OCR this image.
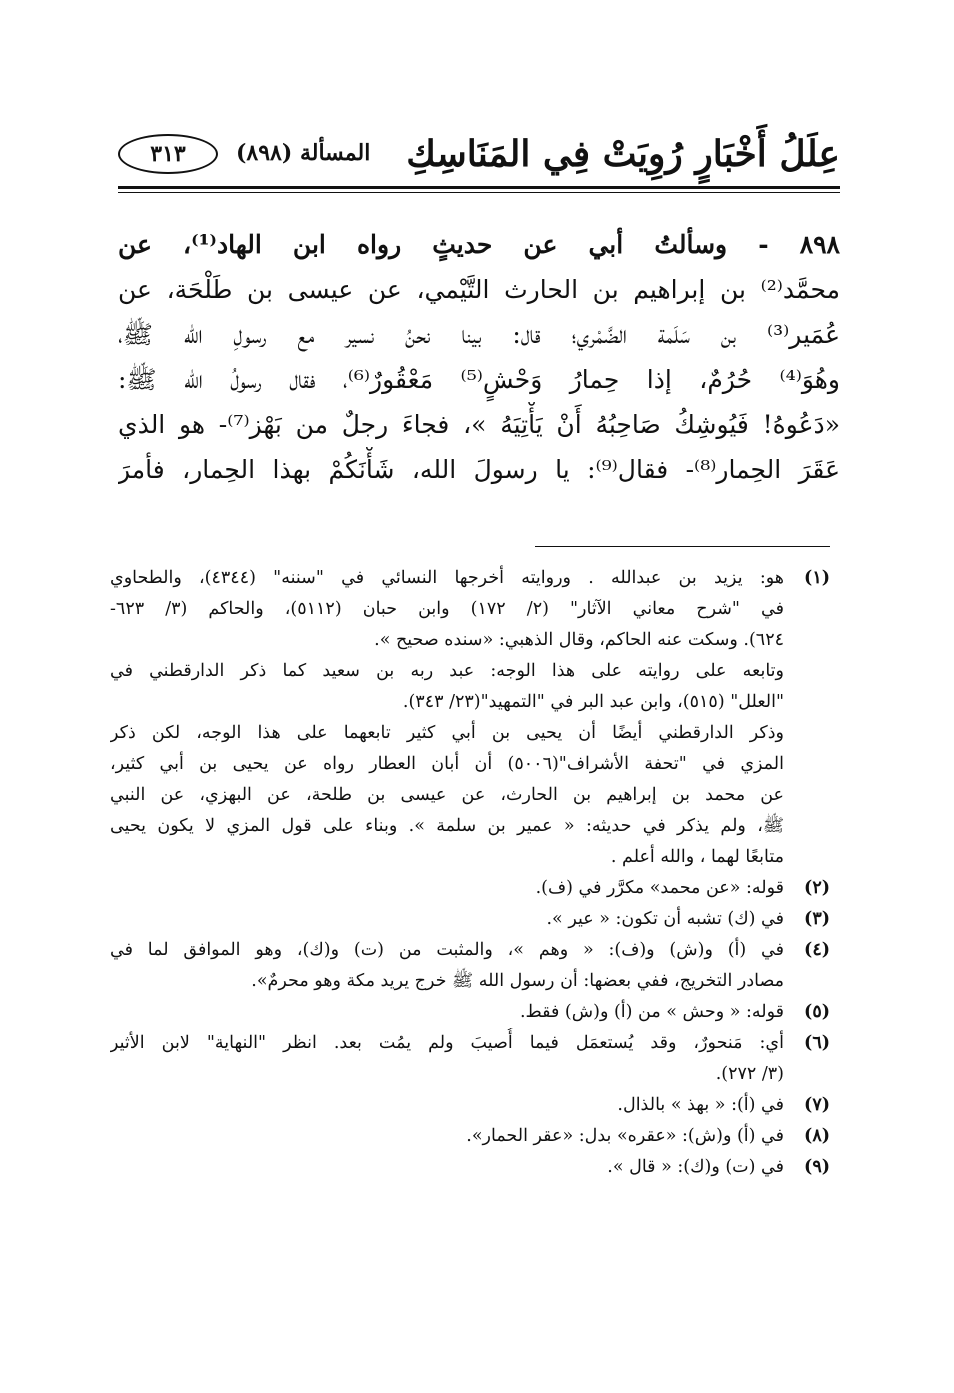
عِلَلُ أَخْبَارٍ رُوِيَتْ فِي المَنَاسِكِ
المسألة (٨٩٨)
٣١٣

٨٩٨ - وسألتُ أبي عن حديثٍ رواه ابن الهاد⁽¹⁾، عن
محمَّد⁽²⁾ بن إبراهيم بن الحارث التَّيْمي، عن عيسى بن طَلْحَة، عن
عُمَير⁽³⁾ بن سَلَمة الضَّمْري؛ قال: بينا نحنُ نسير مع رسولِ الله ﷺ،
وهُوَ⁽⁴⁾ حُرُمٌ، إذا حِمارُ وَحْشٍ⁽⁵⁾ مَعْقُورٌ⁽⁶⁾، فقال رسولُ الله ﷺ:
«دَعُوهُ! فَيُوشِكُ صَاحِبُهُ أَنْ يَأْتِيَهُ »، فجاءَ رجلٌ من بَهْز⁽⁷⁾- هو الذي
عَقَرَ الحِمار⁽⁸⁾- فقال⁽⁹⁾: يا رسولَ الله، شَأْنَكُمْ بهذا الحِمار، فأمرَ

(١)
هو: يزيد بن عبدالله . وروايته أخرجها النسائي في "سننه" (٤٣٤٤)، والطحاوي
في "شرح معاني الآثار" (٢/ ١٧٢) وابن حبان (٥١١٢)، والحاكم (٣/ ٦٢٣-
٦٢٤). وسكت عنه الحاكم، وقال الذهبي: «سنده صحيح ».
وتابعه على روايته على هذا الوجه: عبد ربه بن سعيد كما ذكر الدارقطني في
"العلل" (٥١٥)، وابن عبد البر في "التمهيد"(٢٣/ ٣٤٣).
وذكر الدارقطني أيضًا أن يحيى بن أبي كثير تابعهما على هذا الوجه، لكن ذكر
المزي في "تحفة الأشراف"(٥٠٠٦) أن أبان العطار رواه عن يحيى بن أبي كثير،
عن محمد بن إبراهيم بن الحارث، عن عيسى بن طلحة، عن البهزي، عن النبي
ﷺ، ولم يذكر في حديثه: « عمير بن سلمة ». وبناء على قول المزي لا يكون يحيى
متابعًا لهما ، والله أعلم .
(٢)
قوله: «عن محمد» مكرَّر في (ف).
(٣)
في (ك) تشبه أن تكون: « عير ».
(٤)
في (أ) و(ش) و(ف): « وهم »، والمثبت من (ت) و(ك)، وهو الموافق لما في
مصادر التخريج، ففي بعضها: أن رسول الله ﷺ خرج يريد مكة وهو محرمٌ».
(٥)
قوله: « وحش » من (أ) و(ش) فقط.
(٦)
أي: مَنحورٌ، وقد يُستعمَل فيما أُصيبَ ولم يمُت بعد. انظر "النهاية" لابن الأثير
(٣/ ٢٧٢).
(٧)
في (أ): « بهذ » بالذال.
(٨)
في (أ) و(ش): «عقره» بدل: «عقر الحمار».
(٩)
في (ت) و(ك): « قال ».
